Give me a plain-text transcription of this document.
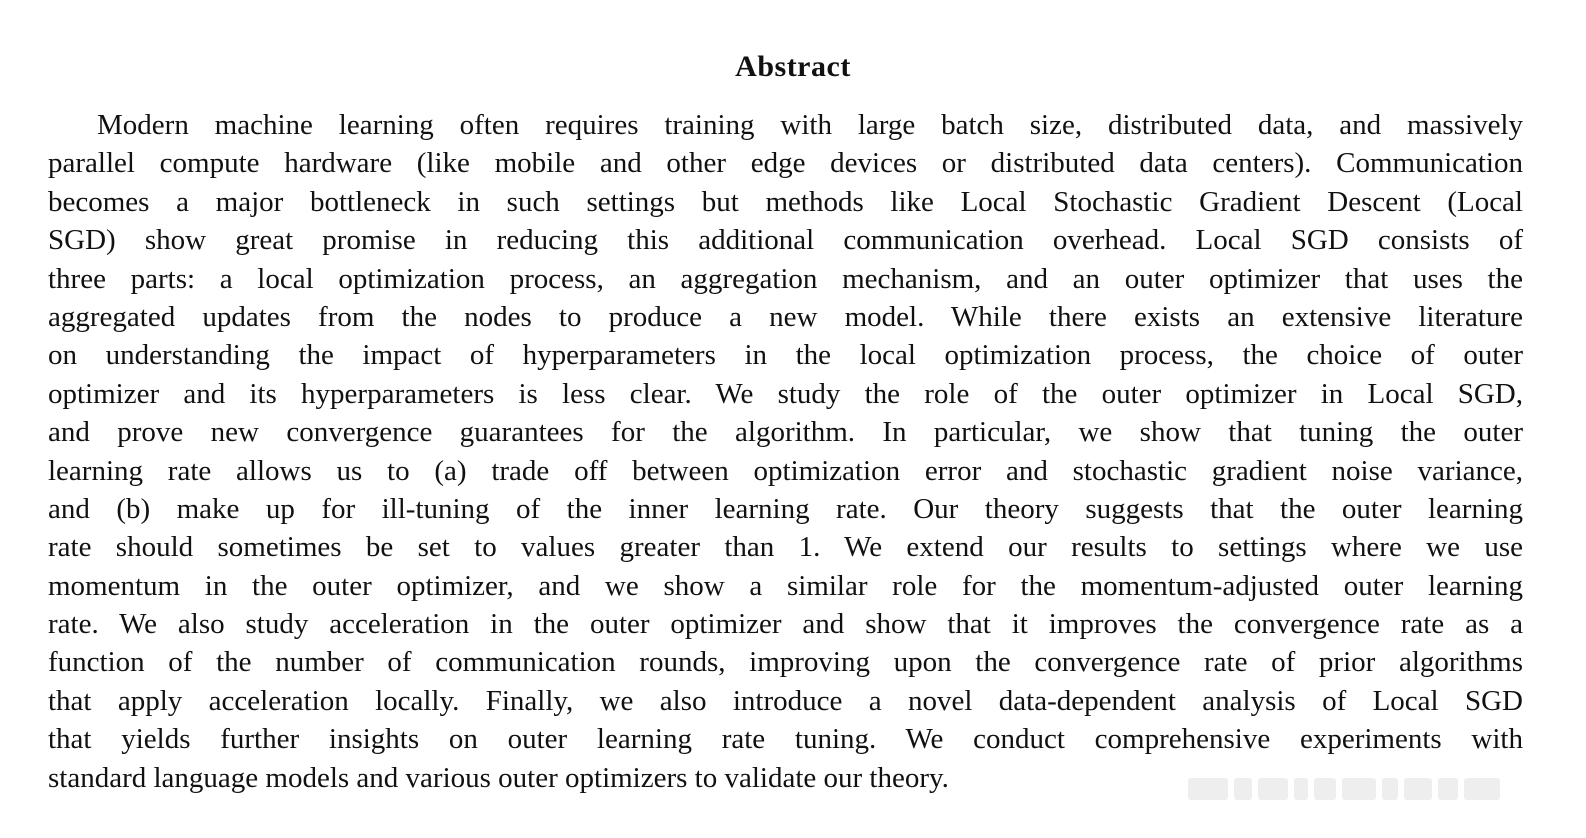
Abstract
Modern machine learning often requires training with large batch size, distributed data, and massively
parallel compute hardware (like mobile and other edge devices or distributed data centers). Communication
becomes a major bottleneck in such settings but methods like Local Stochastic Gradient Descent (Local
SGD) show great promise in reducing this additional communication overhead. Local SGD consists of
three parts: a local optimization process, an aggregation mechanism, and an outer optimizer that uses the
aggregated updates from the nodes to produce a new model. While there exists an extensive literature
on understanding the impact of hyperparameters in the local optimization process, the choice of outer
optimizer and its hyperparameters is less clear. We study the role of the outer optimizer in Local SGD,
and prove new convergence guarantees for the algorithm. In particular, we show that tuning the outer
learning rate allows us to (a) trade off between optimization error and stochastic gradient noise variance,
and (b) make up for ill-tuning of the inner learning rate. Our theory suggests that the outer learning
rate should sometimes be set to values greater than 1. We extend our results to settings where we use
momentum in the outer optimizer, and we show a similar role for the momentum-adjusted outer learning
rate. We also study acceleration in the outer optimizer and show that it improves the convergence rate as a
function of the number of communication rounds, improving upon the convergence rate of prior algorithms
that apply acceleration locally. Finally, we also introduce a novel data-dependent analysis of Local SGD
that yields further insights on outer learning rate tuning. We conduct comprehensive experiments with
standard language models and various outer optimizers to validate our theory.
